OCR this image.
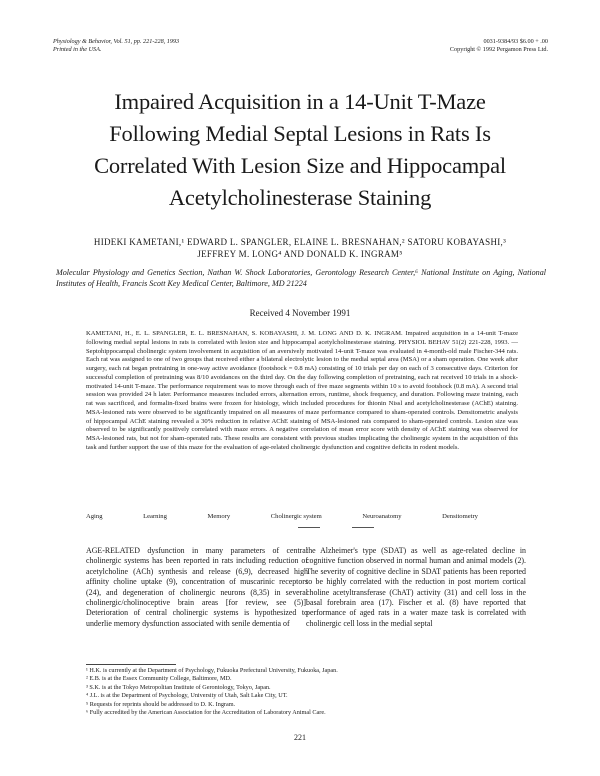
Physiology & Behavior, Vol. 51, pp. 221-228, 1993
Printed in the USA.
0031-9384/93 $6.00 + .00
Copyright © 1992 Pergamon Press Ltd.
Impaired Acquisition in a 14-Unit T-Maze
Following Medial Septal Lesions in Rats Is
Correlated With Lesion Size and Hippocampal
Acetylcholinesterase Staining
HIDEKI KAMETANI,¹ EDWARD L. SPANGLER, ELAINE L. BRESNAHAN,² SATORU KOBAYASHI,³
JEFFREY M. LONG⁴ AND DONALD K. INGRAM⁵
Molecular Physiology and Genetics Section, Nathan W. Shock Laboratories, Gerontology Research Center,⁶ National Institute on Aging, National Institutes of Health, Francis Scott Key Medical Center, Baltimore, MD 21224
Received 4 November 1991
KAMETANI, H., E. L. SPANGLER, E. L. BRESNAHAN, S. KOBAYASHI, J. M. LONG AND D. K. INGRAM. Impaired acquisition in a 14-unit T-maze following medial septal lesions in rats is correlated with lesion size and hippocampal acetylcholinesterase staining. PHYSIOL BEHAV 51(2) 221-228, 1993. — Septohippocampal cholinergic system involvement in acquisition of an aversively motivated 14-unit T-maze was evaluated in 4-month-old male Fischer-344 rats. Each rat was assigned to one of two groups that received either a bilateral electrolytic lesion to the medial septal area (MSA) or a sham operation. One week after surgery, each rat began pretraining in one-way active avoidance (footshock = 0.8 mA) consisting of 10 trials per day on each of 3 consecutive days. Criterion for successful completion of pretraining was 8/10 avoidances on the third day. On the day following completion of pretraining, each rat received 10 trials in a shock-motivated 14-unit T-maze. The performance requirement was to move through each of five maze segments within 10 s to avoid footshock (0.8 mA). A second trial session was provided 24 h later. Performance measures included errors, alternation errors, runtime, shock frequency, and duration. Following maze training, each rat was sacrificed, and formalin-fixed brains were frozen for histology, which included procedures for thionin Nissl and acetylcholinesterase (AChE) staining. MSA-lesioned rats were observed to be significantly impaired on all measures of maze performance compared to sham-operated controls. Densitometric analysis of hippocampal AChE staining revealed a 30% reduction in relative AChE staining of MSA-lesioned rats compared to sham-operated controls. Lesion size was observed to be significantly positively correlated with maze errors. A negative correlation of mean error score with density of AChE staining was observed for MSA-lesioned rats, but not for sham-operated rats. These results are consistent with previous studies implicating the cholinergic system in the acquisition of this task and further support the use of this maze for the evaluation of age-related cholinergic dysfunction and cognitive deficits in rodent models.
Aging	Learning	Memory	Cholinergic system	Neuroanatomy	Densitometry
AGE-RELATED dysfunction in many parameters of central cholinergic systems has been reported in rats including reduction of acetylcholine (ACh) synthesis and release (6,9), decreased high affinity choline uptake (9), concentration of muscarinic receptors (24), and degeneration of cholinergic neurons (8,35) in several cholinergic/cholinoceptive brain areas [for review, see (5)]. Deterioration of central cholinergic systems is hypothesized to underlie memory dysfunction associated with senile dementia of
the Alzheimer's type (SDAT) as well as age-related decline in cognitive function observed in normal human and animal models (2). The severity of cognitive decline in SDAT patients has been reported to be highly correlated with the reduction in post mortem cortical choline acetyltransferase (ChAT) activity (31) and cell loss in the basal forebrain area (17). Fischer et al. (8) have reported that performance of aged rats in a water maze task is correlated with cholinergic cell loss in the medial septal
¹ H.K. is currently at the Department of Psychology, Fukuoka Prefectural University, Fukuoka, Japan.
² E.B. is at the Essex Community College, Baltimore, MD.
³ S.K. is at the Tokyo Metropolitan Institute of Gerontology, Tokyo, Japan.
⁴ J.L. is at the Department of Psychology, University of Utah, Salt Lake City, UT.
⁵ Requests for reprints should be addressed to D. K. Ingram.
⁶ Fully accredited by the American Association for the Accreditation of Laboratory Animal Care.
221
